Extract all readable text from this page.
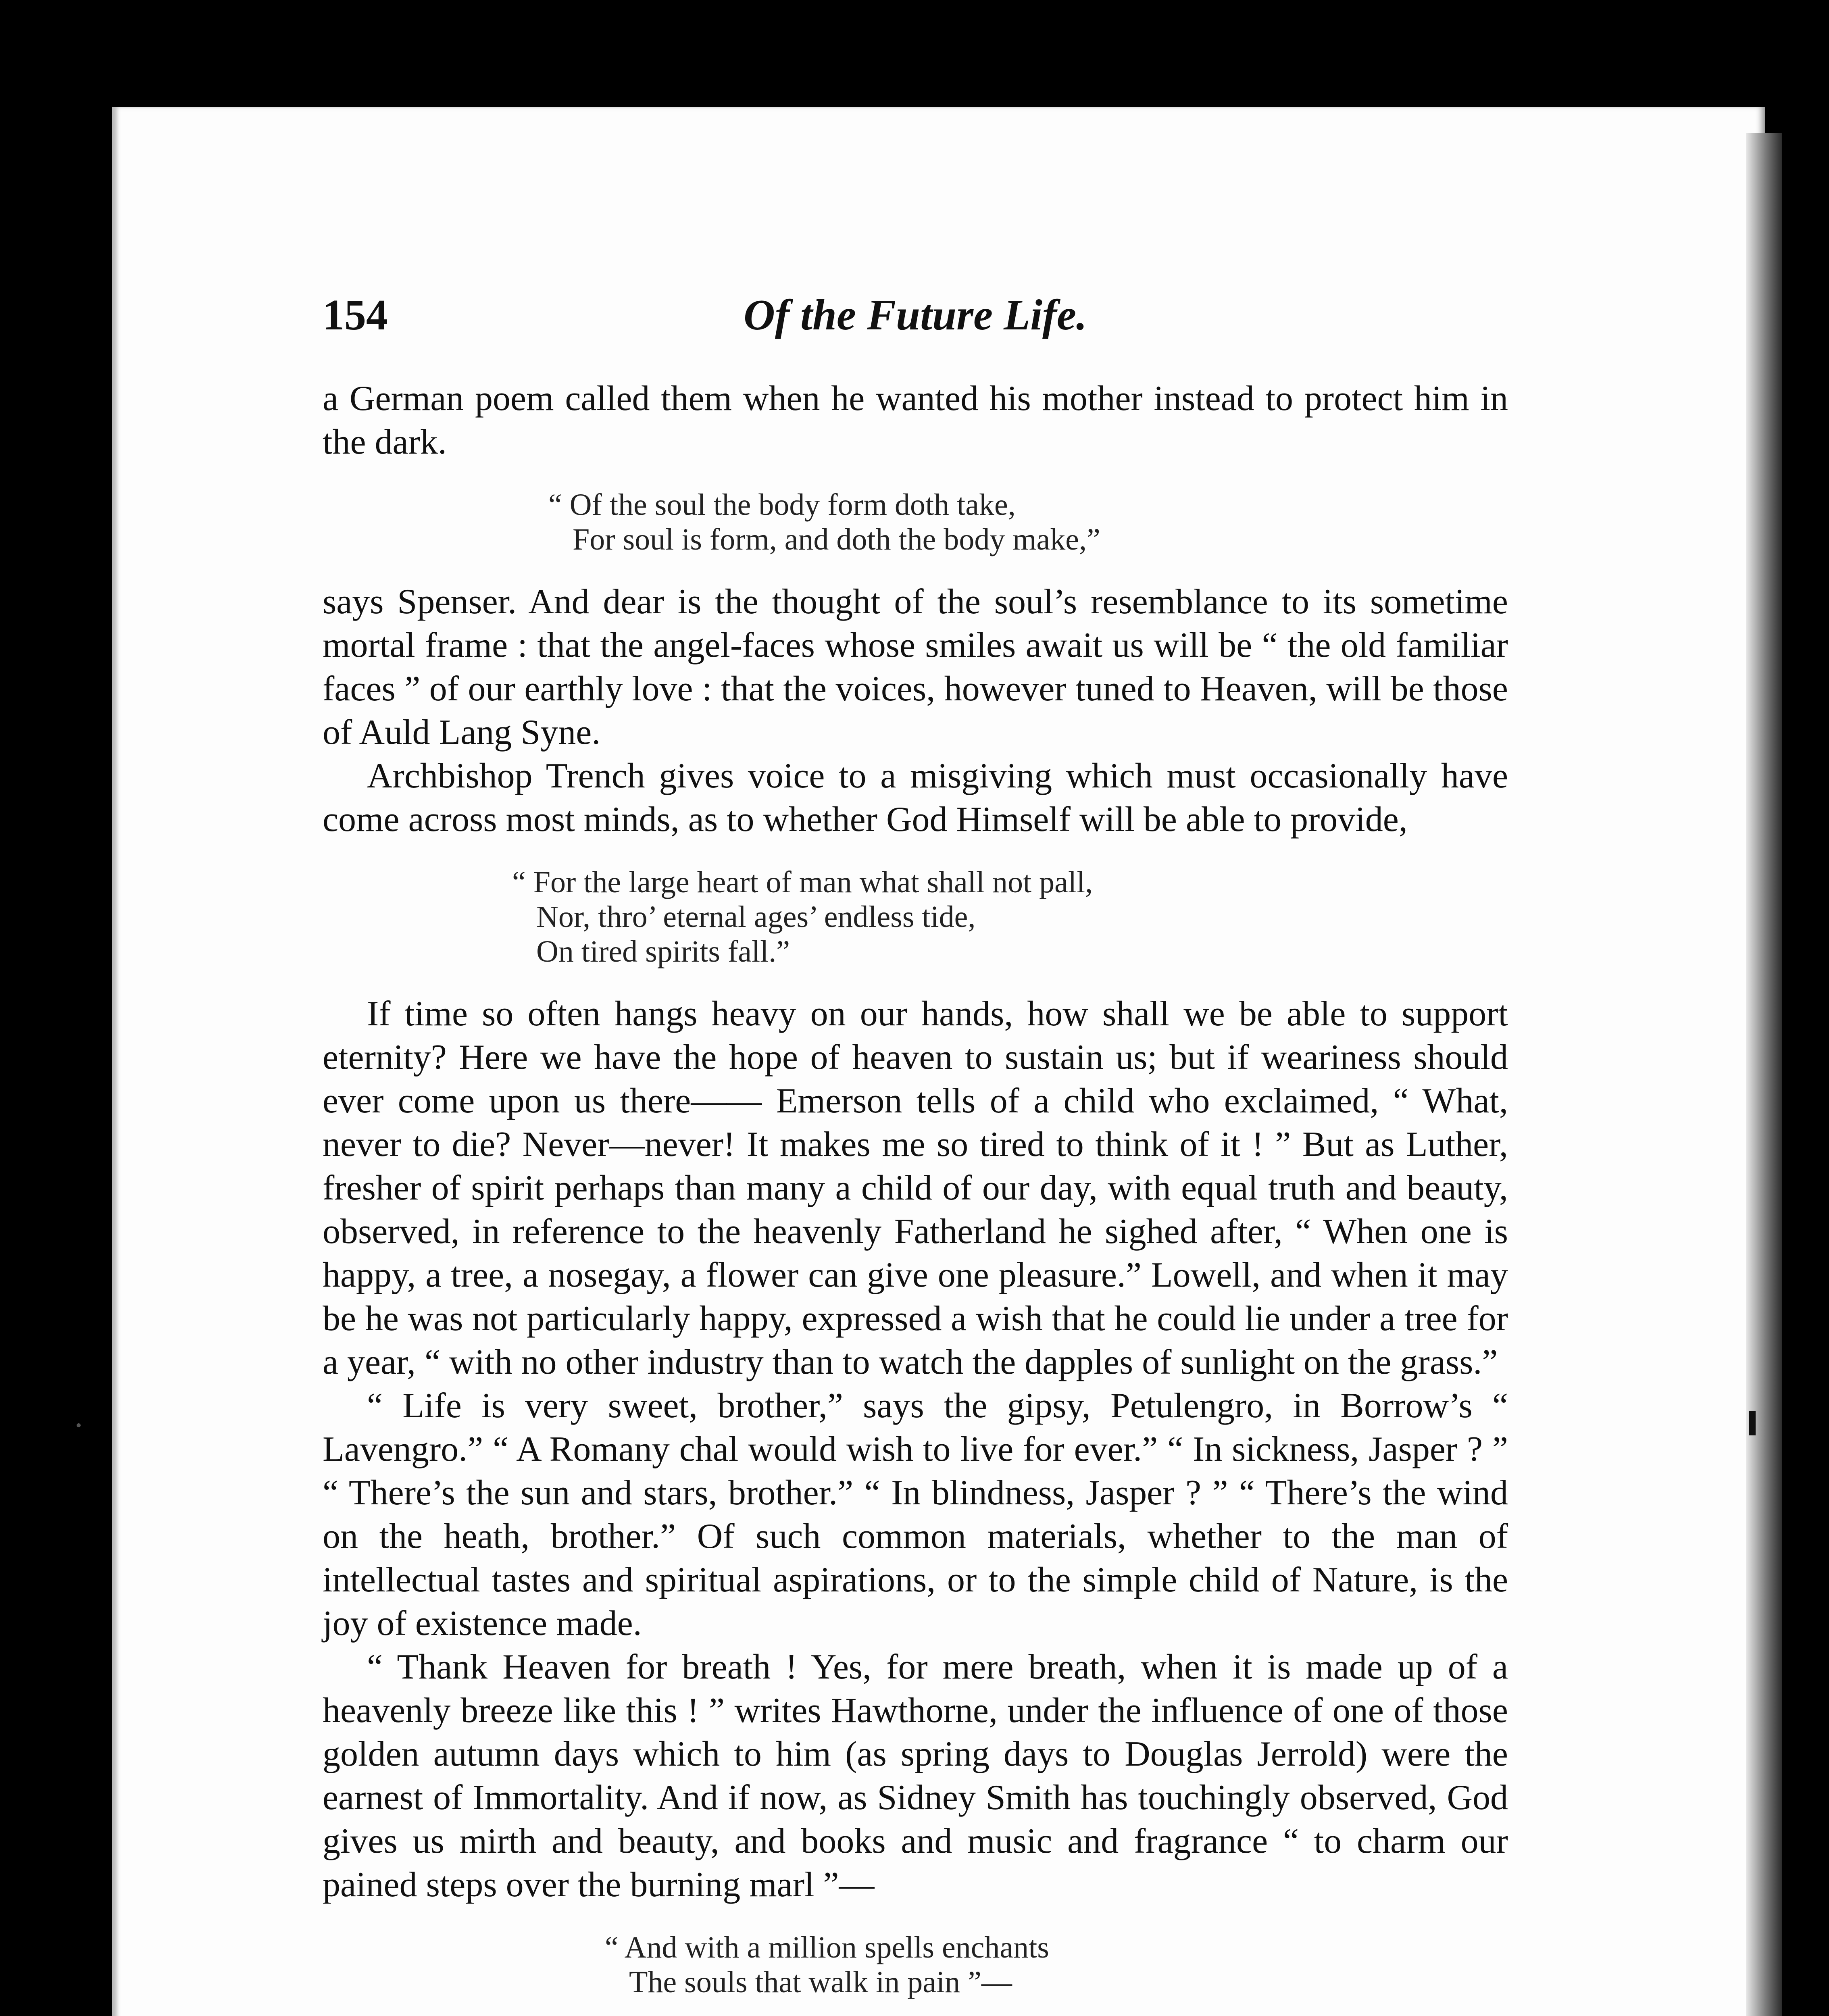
154	Of the Future Life.

a German poem called them when he wanted his mother instead to protect him in the dark.

“ Of the soul the body form doth take,
For soul is form, and doth the body make,”

says Spenser. And dear is the thought of the soul’s resemblance to its sometime mortal frame : that the angel-faces whose smiles await us will be “ the old familiar faces ” of our earthly love : that the voices, however tuned to Heaven, will be those of Auld Lang Syne.

Archbishop Trench gives voice to a misgiving which must occasionally have come across most minds, as to whether God Himself will be able to provide,

“ For the large heart of man what shall not pall,
Nor, thro’ eternal ages’ endless tide,
On tired spirits fall.”

If time so often hangs heavy on our hands, how shall we be able to support eternity? Here we have the hope of heaven to sustain us; but if weariness should ever come upon us there—— Emerson tells of a child who exclaimed, “ What, never to die? Never—never! It makes me so tired to think of it ! ” But as Luther, fresher of spirit perhaps than many a child of our day, with equal truth and beauty, observed, in reference to the heavenly Fatherland he sighed after, “ When one is happy, a tree, a nosegay, a flower can give one pleasure.” Lowell, and when it may be he was not particularly happy, expressed a wish that he could lie under a tree for a year, “ with no other industry than to watch the dapples of sunlight on the grass.”

“ Life is very sweet, brother,” says the gipsy, Petulengro, in Borrow’s “ Lavengro.” “ A Romany chal would wish to live for ever.” “ In sickness, Jasper ? ” “ There’s the sun and stars, brother.” “ In blindness, Jasper ? ” “ There’s the wind on the heath, brother.” Of such common materials, whether to the man of intellectual tastes and spiritual aspirations, or to the simple child of Nature, is the joy of existence made.

“ Thank Heaven for breath ! Yes, for mere breath, when it is made up of a heavenly breeze like this ! ” writes Hawthorne, under the influence of one of those golden autumn days which to him (as spring days to Douglas Jerrold) were the earnest of Immortality. And if now, as Sidney Smith has touchingly observed, God gives us mirth and beauty, and books and music and fragrance “ to charm our pained steps over the burning marl ”—

“ And with a million spells enchants
The souls that walk in pain ”—
